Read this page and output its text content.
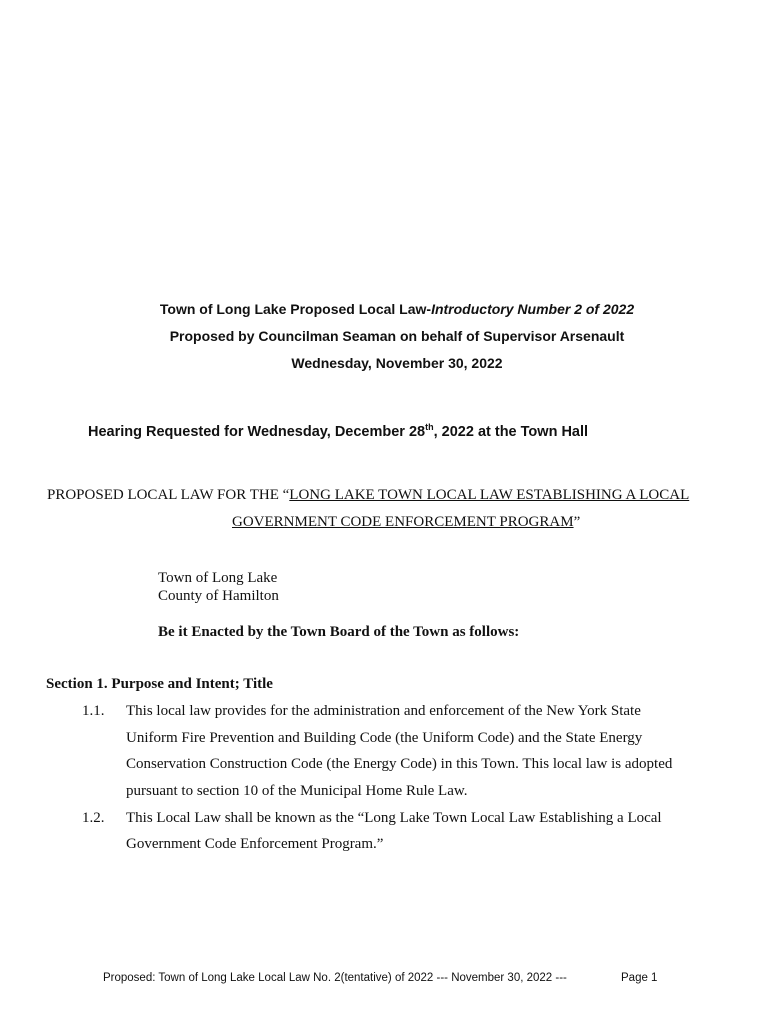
Town of Long Lake Proposed Local Law-Introductory Number 2 of 2022
Proposed by Councilman Seaman on behalf of Supervisor Arsenault
Wednesday, November 30, 2022
Hearing Requested for Wednesday, December 28th, 2022 at the Town Hall
PROPOSED LOCAL LAW FOR THE “LONG LAKE TOWN LOCAL LAW ESTABLISHING A LOCAL
GOVERNMENT CODE ENFORCEMENT PROGRAM”
Town of Long Lake
County of Hamilton
Be it Enacted by the Town Board of the Town as follows:
Section 1. Purpose and Intent; Title
1.1. This local law provides for the administration and enforcement of the New York State
Uniform Fire Prevention and Building Code (the Uniform Code) and the State Energy
Conservation Construction Code (the Energy Code) in this Town. This local law is adopted
pursuant to section 10 of the Municipal Home Rule Law.
1.2. This Local Law shall be known as the “Long Lake Town Local Law Establishing a Local
Government Code Enforcement Program.”
Proposed: Town of Long Lake Local Law No. 2(tentative) of 2022 --- November 30, 2022 ---	Page 1
